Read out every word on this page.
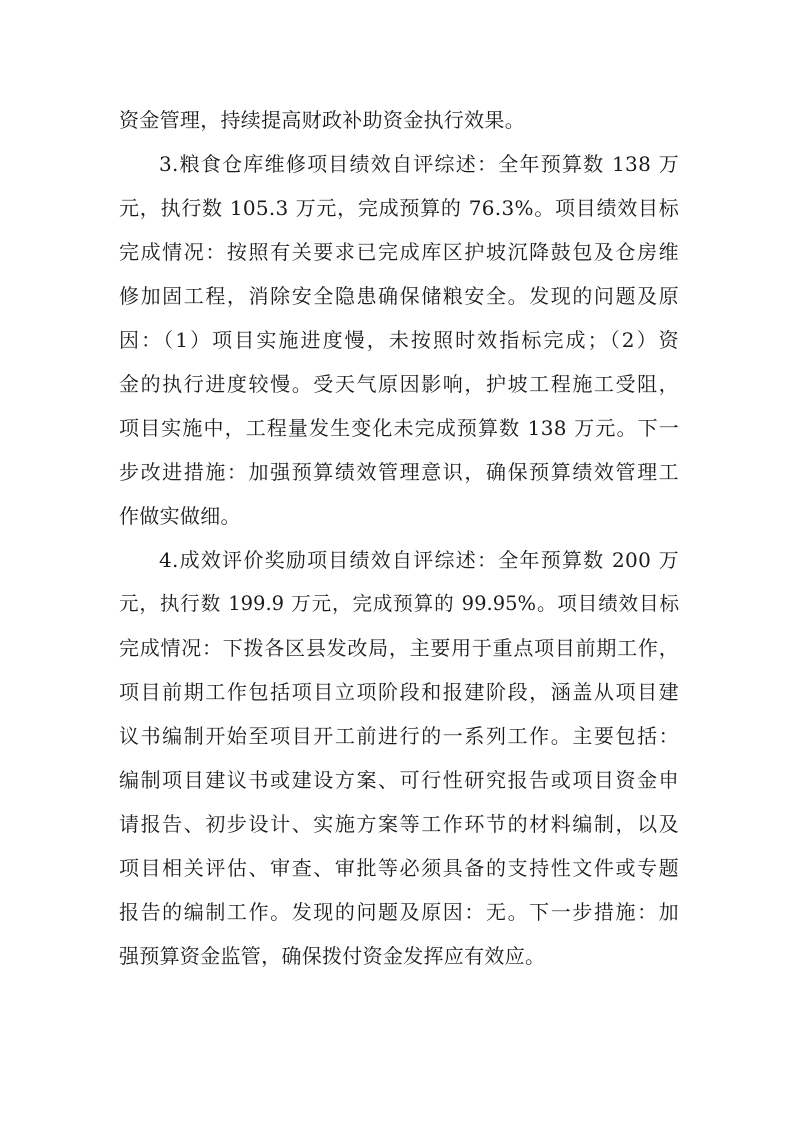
资金管理，持续提高财政补助资金执行效果。
3.粮食仓库维修项目绩效自评综述：全年预算数 138 万
元，执行数 105.3 万元，完成预算的 76.3%。项目绩效目标
完成情况：按照有关要求已完成库区护坡沉降鼓包及仓房维
修加固工程，消除安全隐患确保储粮安全。发现的问题及原
因：（1）项目实施进度慢，未按照时效指标完成；（2）资
金的执行进度较慢。受天气原因影响，护坡工程施工受阻，
项目实施中，工程量发生变化未完成预算数 138 万元。下一
步改进措施：加强预算绩效管理意识，确保预算绩效管理工
作做实做细。
4.成效评价奖励项目绩效自评综述：全年预算数 200 万
元，执行数 199.9 万元，完成预算的 99.95%。项目绩效目标
完成情况：下拨各区县发改局，主要用于重点项目前期工作，
项目前期工作包括项目立项阶段和报建阶段，涵盖从项目建
议书编制开始至项目开工前进行的一系列工作。主要包括：
编制项目建议书或建设方案、可行性研究报告或项目资金申
请报告、初步设计、实施方案等工作环节的材料编制，以及
项目相关评估、审查、审批等必须具备的支持性文件或专题
报告的编制工作。发现的问题及原因：无。下一步措施：加
强预算资金监管，确保拨付资金发挥应有效应。
